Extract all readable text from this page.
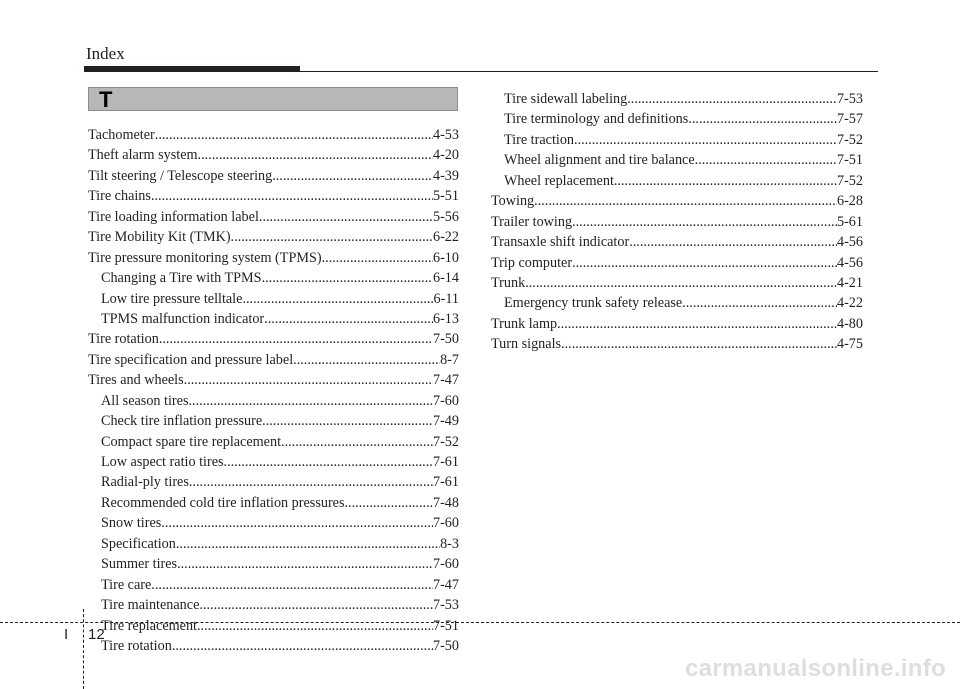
Index
T
Tachometer .....	4-53
Theft alarm system .....	4-20
Tilt steering / Telescope steering .....	4-39
Tire chains .....	5-51
Tire loading information label .....	5-56
Tire Mobility Kit (TMK) .....	6-22
Tire pressure monitoring system (TPMS) .....	6-10
Changing a Tire with TPMS .....	6-14
Low tire pressure telltale .....	6-11
TPMS malfunction indicator .....	6-13
Tire rotation .....	7-50
Tire specification and pressure label .....	8-7
Tires and wheels .....	7-47
All season tires .....	7-60
Check tire inflation pressure .....	7-49
Compact spare tire replacement .....	7-52
Low aspect ratio tires .....	7-61
Radial-ply tires .....	7-61
Recommended cold tire inflation pressures .....	7-48
Snow tires .....	7-60
Specification .....	8-3
Summer tires .....	7-60
Tire care .....	7-47
Tire maintenance .....	7-53
Tire replacement .....	7-51
Tire rotation .....	7-50
Tire sidewall labeling .....	7-53
Tire terminology and definitions .....	7-57
Tire traction .....	7-52
Wheel alignment and tire balance .....	7-51
Wheel replacement .....	7-52
Towing .....	6-28
Trailer towing .....	5-61
Transaxle shift indicator .....	4-56
Trip computer .....	4-56
Trunk .....	4-21
Emergency trunk safety release .....	4-22
Trunk lamp .....	4-80
Turn signals .....	4-75
I 12
carmanualsonline.info
